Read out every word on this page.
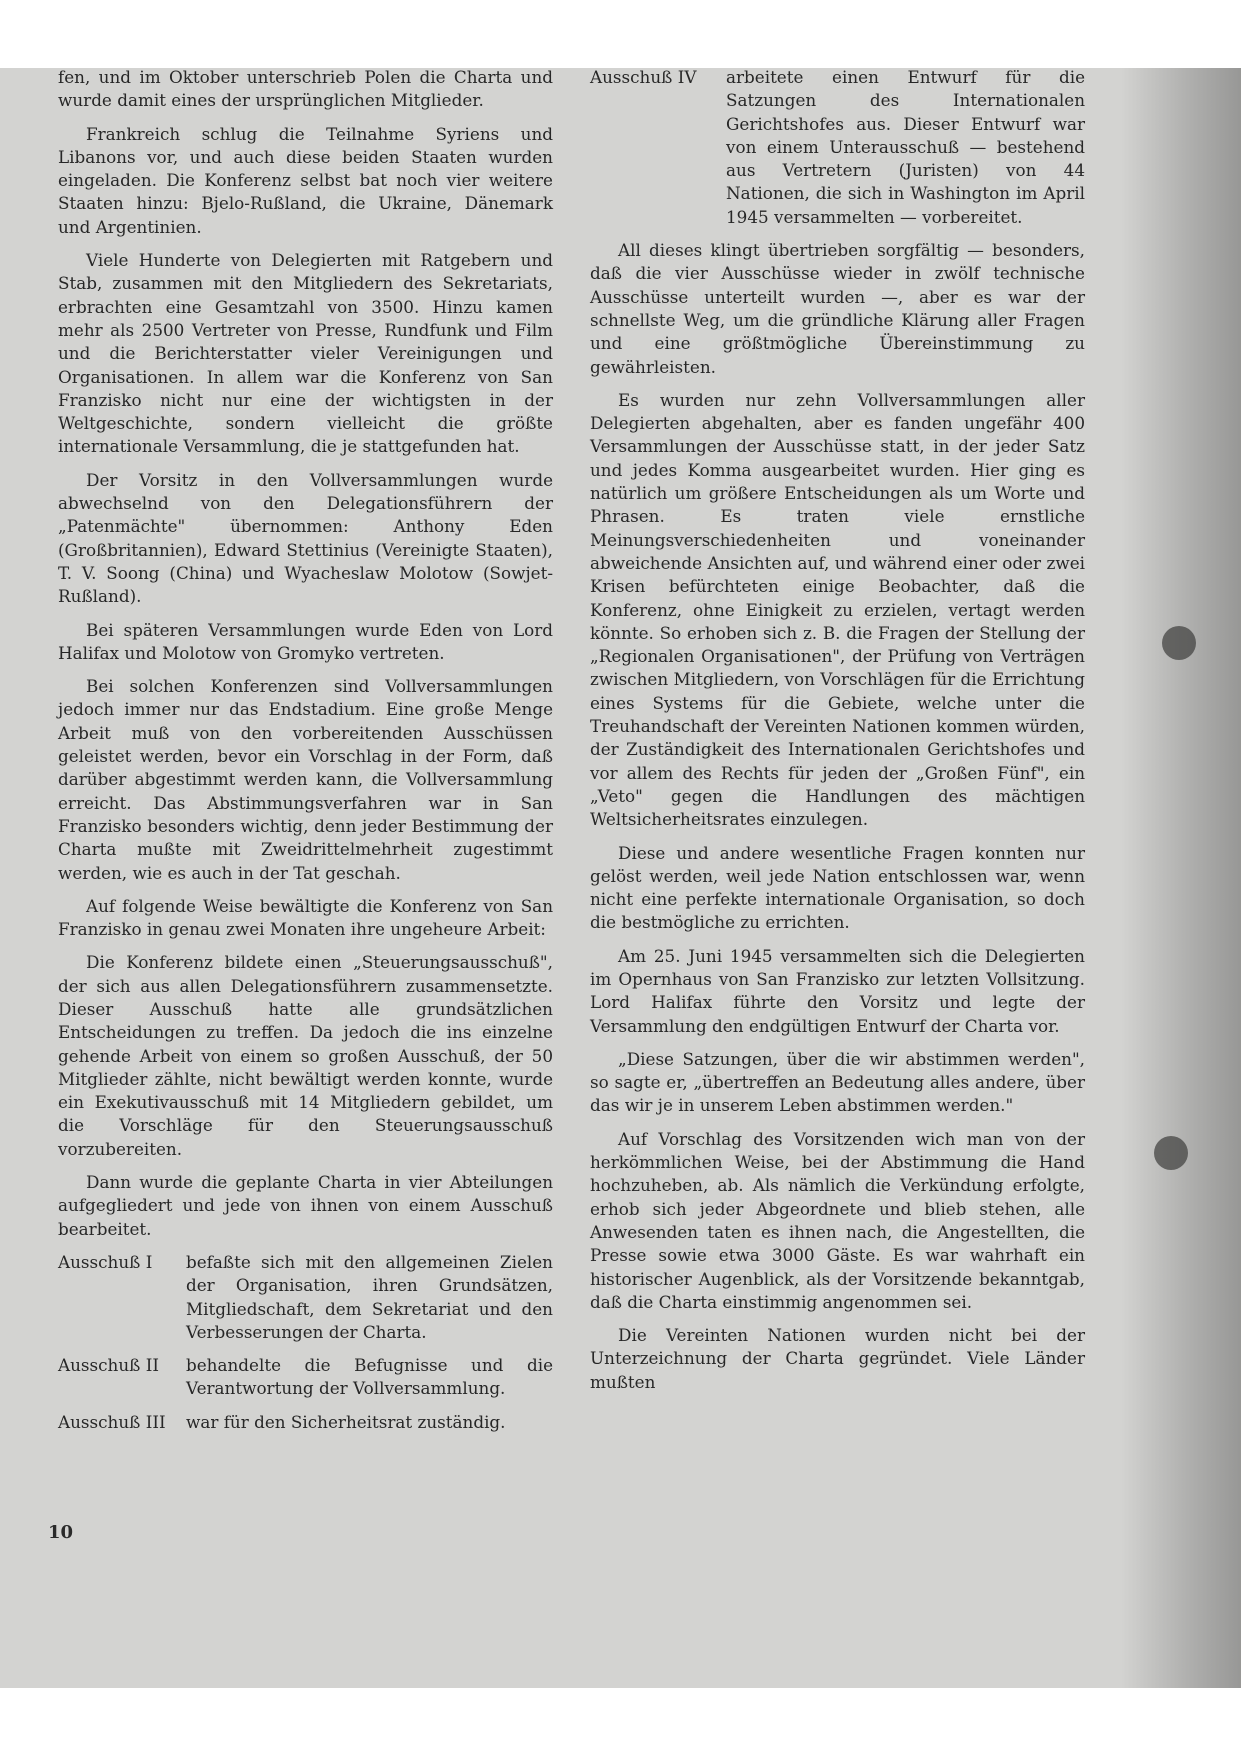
fen, und im Oktober unterschrieb Polen die Charta und wurde damit eines der ursprünglichen Mitglieder.

Frankreich schlug die Teilnahme Syriens und Libanons vor, und auch diese beiden Staaten wurden eingeladen. Die Konferenz selbst bat noch vier weitere Staaten hinzu: Bjelo-Rußland, die Ukraine, Dänemark und Argentinien.

Viele Hunderte von Delegierten mit Ratgebern und Stab, zusammen mit den Mitgliedern des Sekretariats, erbrachten eine Gesamtzahl von 3500. Hinzu kamen mehr als 2500 Vertreter von Presse, Rundfunk und Film und die Berichterstatter vieler Vereinigungen und Organisationen. In allem war die Konferenz von San Franzisko nicht nur eine der wichtigsten in der Weltgeschichte, sondern vielleicht die größte internationale Versammlung, die je stattgefunden hat.

Der Vorsitz in den Vollversammlungen wurde abwechselnd von den Delegationsführern der „Patenmächte" übernommen: Anthony Eden (Großbritannien), Edward Stettinius (Vereinigte Staaten), T. V. Soong (China) und Wyacheslaw Molotow (Sowjet-Rußland).

Bei späteren Versammlungen wurde Eden von Lord Halifax und Molotow von Gromyko vertreten.

Bei solchen Konferenzen sind Vollversammlungen jedoch immer nur das Endstadium. Eine große Menge Arbeit muß von den vorbereitenden Ausschüssen geleistet werden, bevor ein Vorschlag in der Form, daß darüber abgestimmt werden kann, die Vollversammlung erreicht. Das Abstimmungsverfahren war in San Franzisko besonders wichtig, denn jeder Bestimmung der Charta mußte mit Zweidrittelmehrheit zugestimmt werden, wie es auch in der Tat geschah.

Auf folgende Weise bewältigte die Konferenz von San Franzisko in genau zwei Monaten ihre ungeheure Arbeit:

Die Konferenz bildete einen „Steuerungsausschuß", der sich aus allen Delegationsführern zusammensetzte. Dieser Ausschuß hatte alle grundsätzlichen Entscheidungen zu treffen. Da jedoch die ins einzelne gehende Arbeit von einem so großen Ausschuß, der 50 Mitglieder zählte, nicht bewältigt werden konnte, wurde ein Exekutivausschuß mit 14 Mitgliedern gebildet, um die Vorschläge für den Steuerungsausschuß vorzubereiten.

Dann wurde die geplante Charta in vier Abteilungen aufgegliedert und jede von ihnen von einem Ausschuß bearbeitet.

Ausschuß I	befaßte sich mit den allgemeinen Zielen der Organisation, ihren Grundsätzen, Mitgliedschaft, dem Sekretariat und den Verbesserungen der Charta.
Ausschuß II	behandelte die Befugnisse und die Verantwortung der Vollversammlung.
Ausschuß III	war für den Sicherheitsrat zuständig.
Ausschuß IV	arbeitete einen Entwurf für die Satzungen des Internationalen Gerichtshofes aus. Dieser Entwurf war von einem Unterausschuß — bestehend aus Vertretern (Juristen) von 44 Nationen, die sich in Washington im April 1945 versammelten — vorbereitet.

All dieses klingt übertrieben sorgfältig — besonders, daß die vier Ausschüsse wieder in zwölf technische Ausschüsse unterteilt wurden —, aber es war der schnellste Weg, um die gründliche Klärung aller Fragen und eine größtmögliche Übereinstimmung zu gewährleisten.

Es wurden nur zehn Vollversammlungen aller Delegierten abgehalten, aber es fanden ungefähr 400 Versammlungen der Ausschüsse statt, in der jeder Satz und jedes Komma ausgearbeitet wurden. Hier ging es natürlich um größere Entscheidungen als um Worte und Phrasen. Es traten viele ernstliche Meinungsverschiedenheiten und voneinander abweichende Ansichten auf, und während einer oder zwei Krisen befürchteten einige Beobachter, daß die Konferenz, ohne Einigkeit zu erzielen, vertagt werden könnte. So erhoben sich z. B. die Fragen der Stellung der „Regionalen Organisationen", der Prüfung von Verträgen zwischen Mitgliedern, von Vorschlägen für die Errichtung eines Systems für die Gebiete, welche unter die Treuhandschaft der Vereinten Nationen kommen würden, der Zuständigkeit des Internationalen Gerichtshofes und vor allem des Rechts für jeden der „Großen Fünf", ein „Veto" gegen die Handlungen des mächtigen Weltsicherheitsrates einzulegen.

Diese und andere wesentliche Fragen konnten nur gelöst werden, weil jede Nation entschlossen war, wenn nicht eine perfekte internationale Organisation, so doch die bestmögliche zu errichten.

Am 25. Juni 1945 versammelten sich die Delegierten im Opernhaus von San Franzisko zur letzten Vollsitzung. Lord Halifax führte den Vorsitz und legte der Versammlung den endgültigen Entwurf der Charta vor.

„Diese Satzungen, über die wir abstimmen werden", so sagte er, „übertreffen an Bedeutung alles andere, über das wir je in unserem Leben abstimmen werden."

Auf Vorschlag des Vorsitzenden wich man von der herkömmlichen Weise, bei der Abstimmung die Hand hochzuheben, ab. Als nämlich die Verkündung erfolgte, erhob sich jeder Abgeordnete und blieb stehen, alle Anwesenden taten es ihnen nach, die Angestellten, die Presse sowie etwa 3000 Gäste. Es war wahrhaft ein historischer Augenblick, als der Vorsitzende bekanntgab, daß die Charta einstimmig angenommen sei.

Die Vereinten Nationen wurden nicht bei der Unterzeichnung der Charta gegründet. Viele Länder mußten

10
